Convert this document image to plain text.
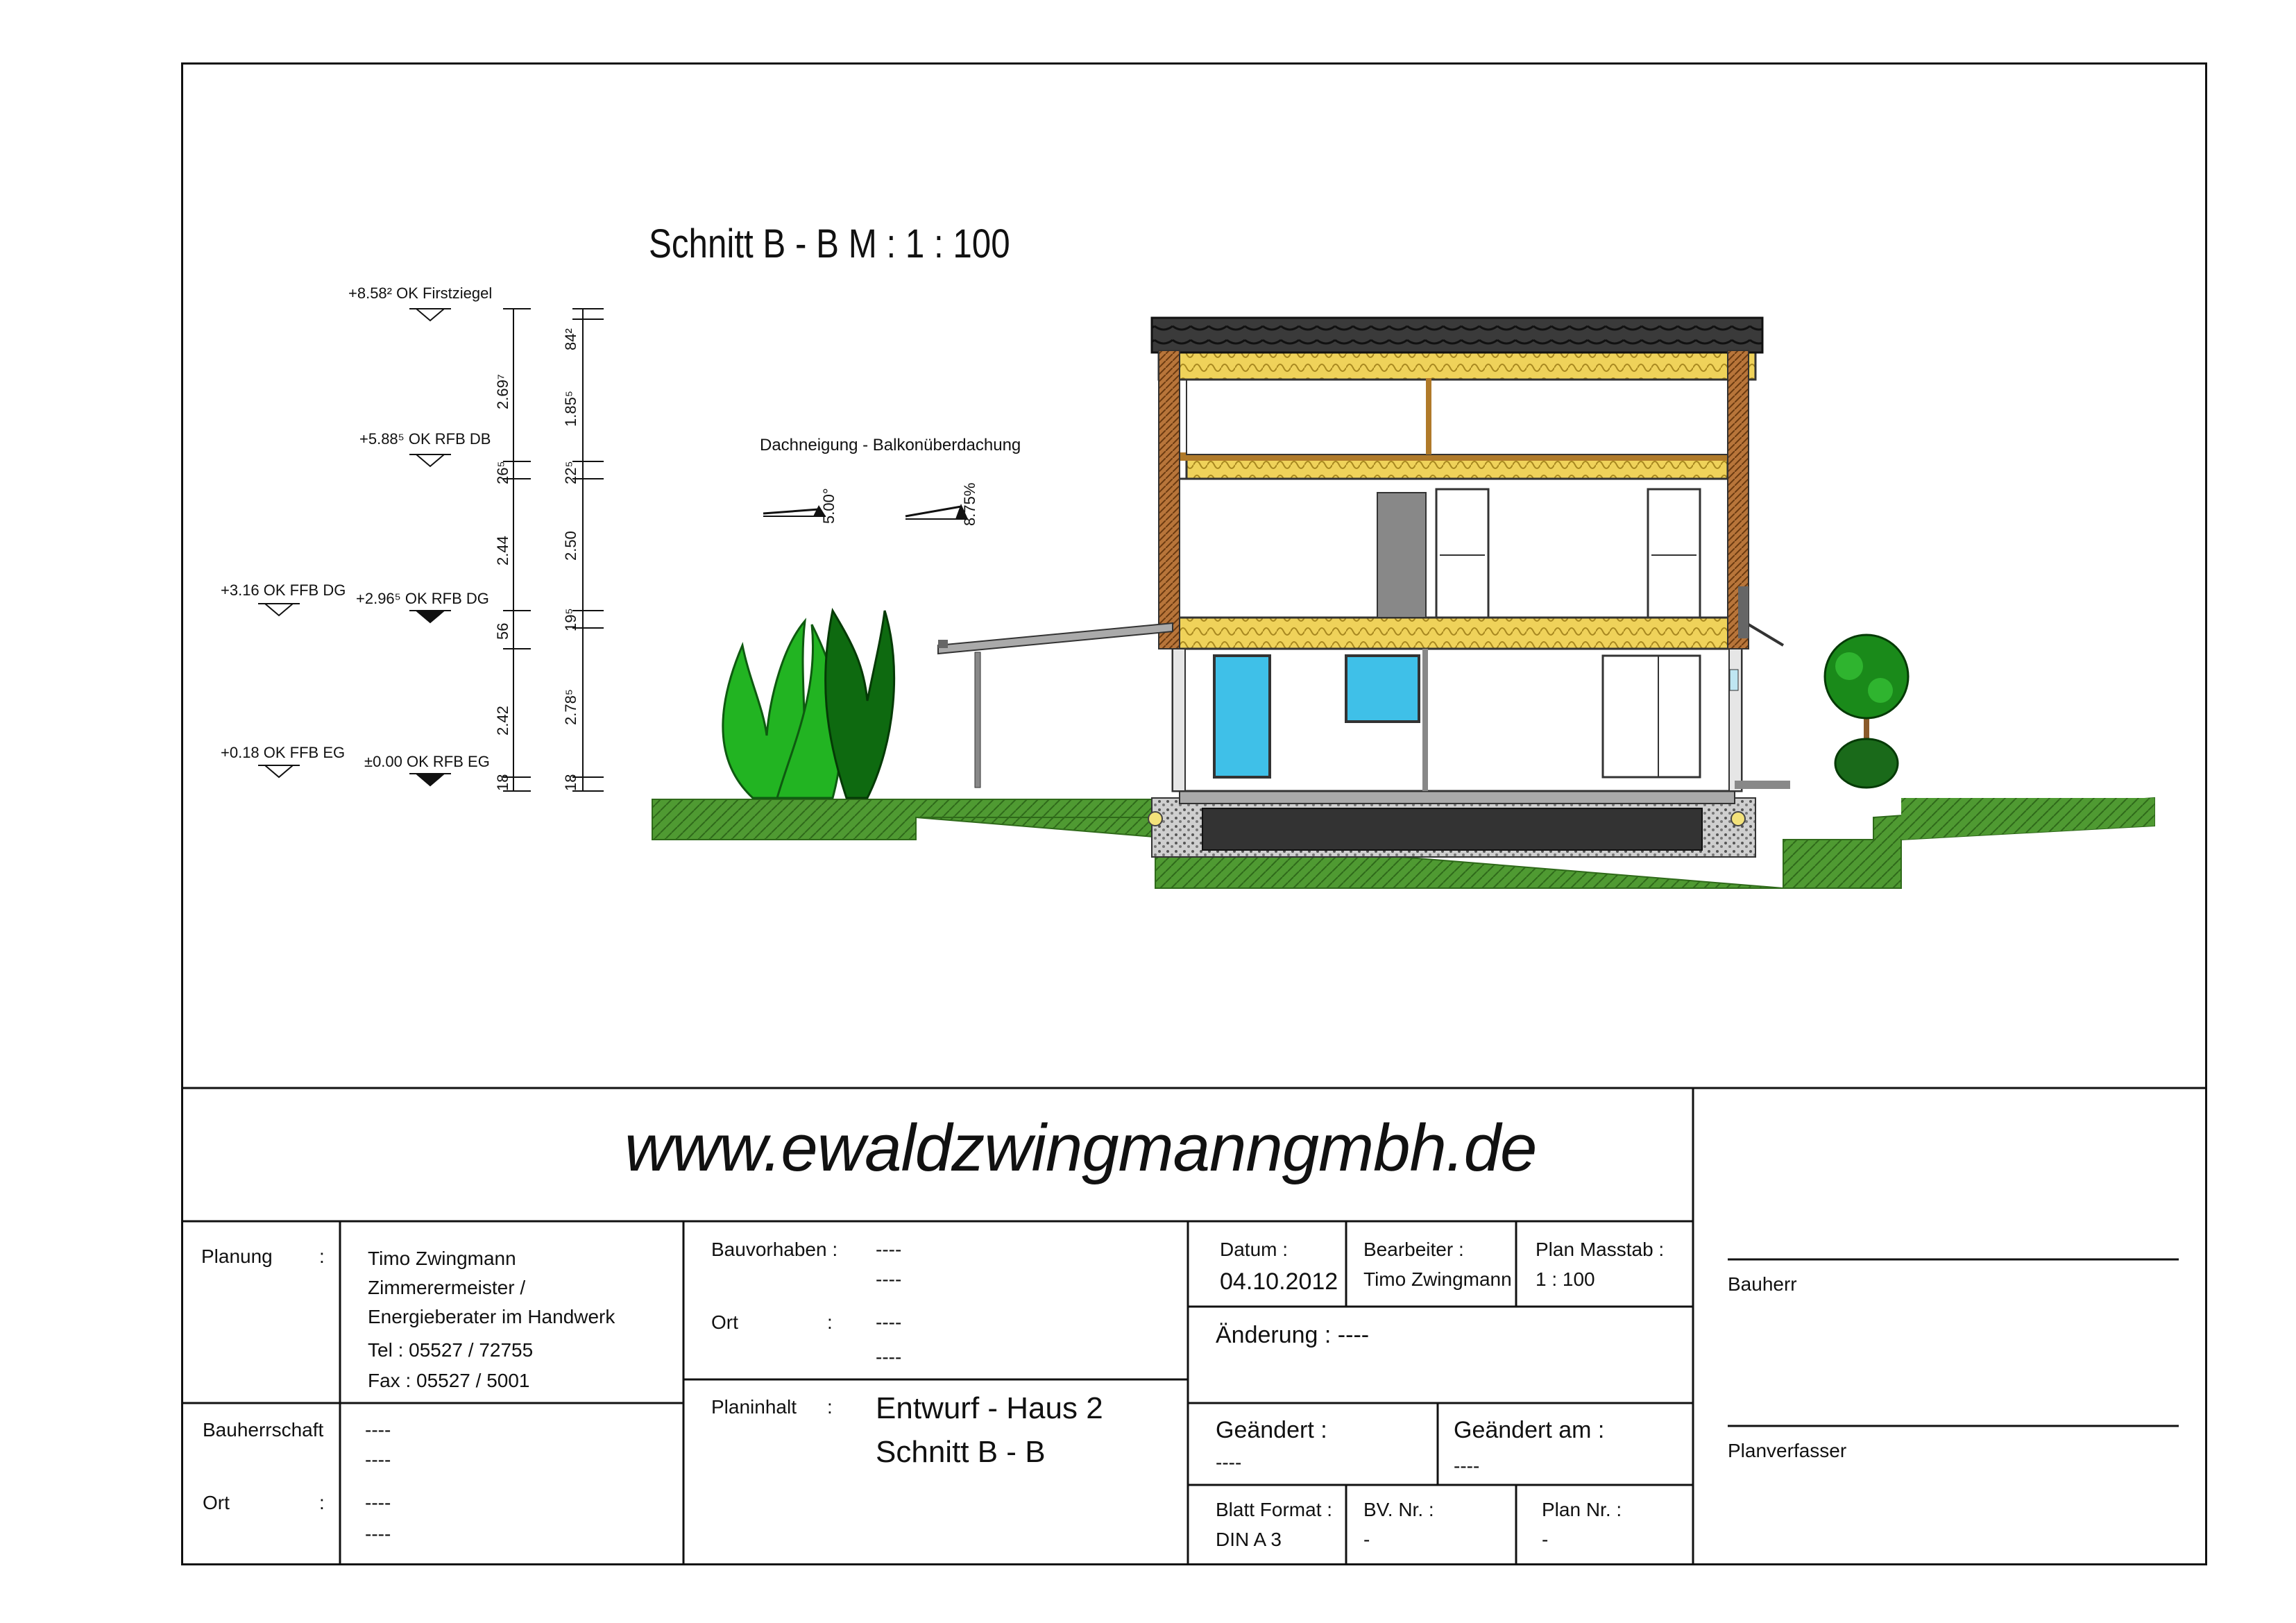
Schnitt B - B M : 1 : 100
Dachneigung - Balkonüberdachung
5.00°	8.75%
+8.58² OK Firstziegel
+5.88⁵ OK RFB DB
+2.96⁵ OK RFB DG
±0.00 OK RFB EG
+3.16 OK FFB DG
+0.18 OK FFB EG
18
2.42
56
2.44
26⁵
2.69⁷
18
2.78⁵
19⁵
2.50
22⁵
1.85⁵
84²
www.ewaldzwingmanngmbh.de
Planung : Timo Zwingmann
Zimmerermeister /
Energieberater im Handwerk
Tel : 05527 / 72755
Fax : 05527 / 5001
Bauherrschaft ----
----
Ort	: ----
----
Bauvorhaben : ----
----
Ort	: ----
----
Planinhalt : Entwurf - Haus 2
Schnitt B - B
Datum :
04.10.2012
Bearbeiter :
Timo Zwingmann
Plan Masstab :
1 : 100
Änderung : ----
Geändert :
----
Geändert am :
----
Blatt Format :
DIN A 3
BV. Nr. :
-
Plan Nr. :
-
Bauherr
Planverfasser
